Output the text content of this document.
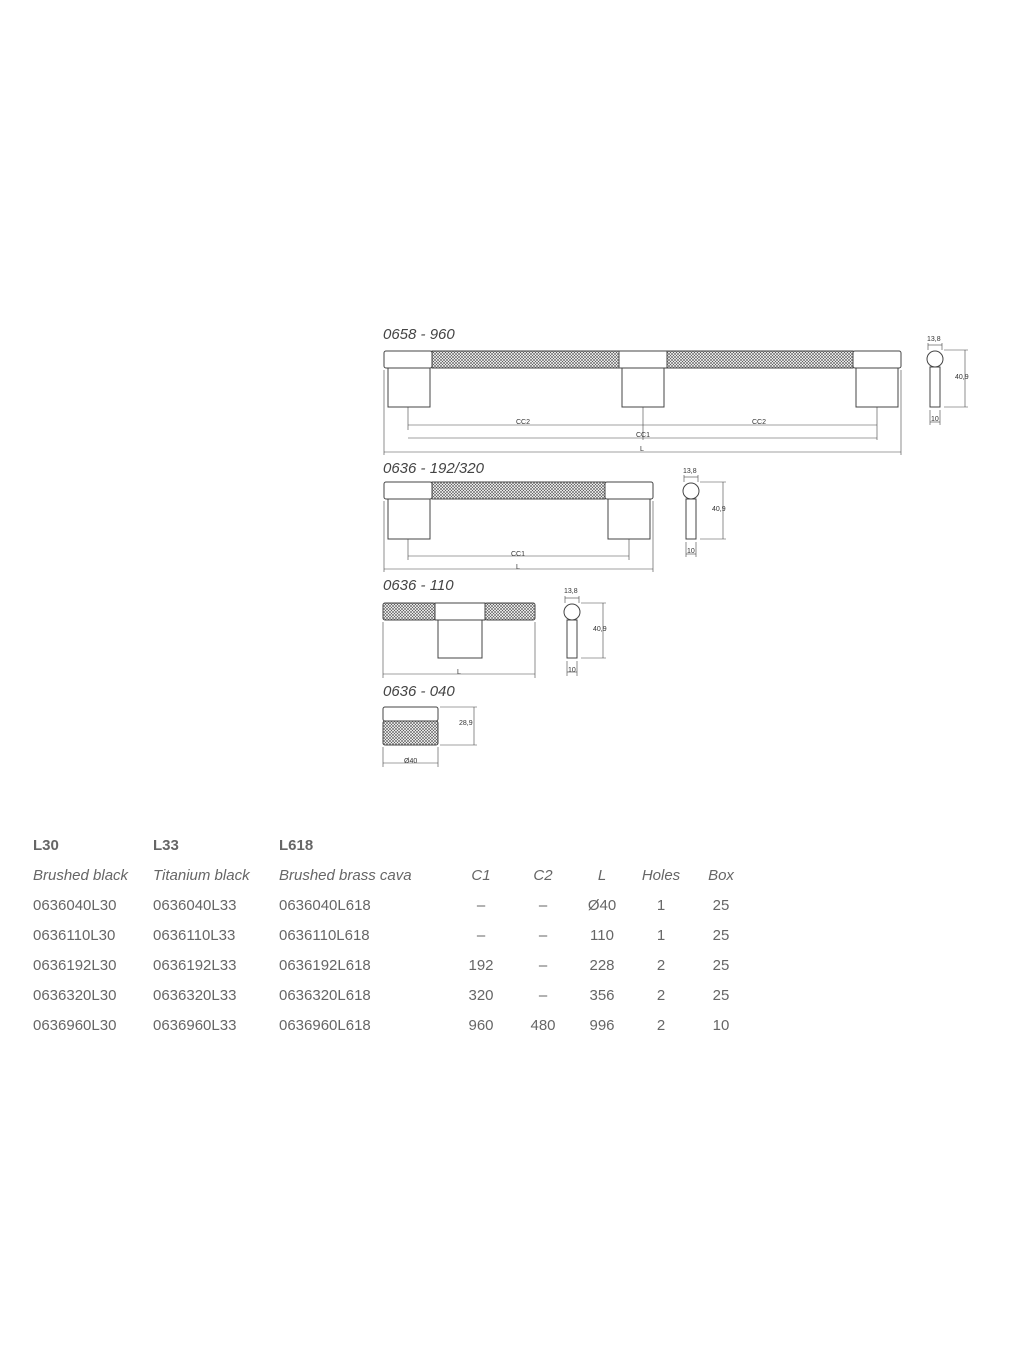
0658 - 960
CC2	CC2
CC1
L
13,8
40,9
10
0636 - 192/320
CC1
L
13,8
40,9
10
0636 - 110
L
13,8
40,9
10
0636 - 040
28,9
Ø40
L30	L33	L618					
Brushed black	Titanium black	Brushed brass cava	C1	C2	L	Holes	Box
0636040L30	0636040L33	0636040L618	–	–	Ø40	1	25
0636110L30	0636110L33	0636110L618	–	–	110	1	25
0636192L30	0636192L33	0636192L618	192	–	228	2	25
0636320L30	0636320L33	0636320L618	320	–	356	2	25
0636960L30	0636960L33	0636960L618	960	480	996	2	10
